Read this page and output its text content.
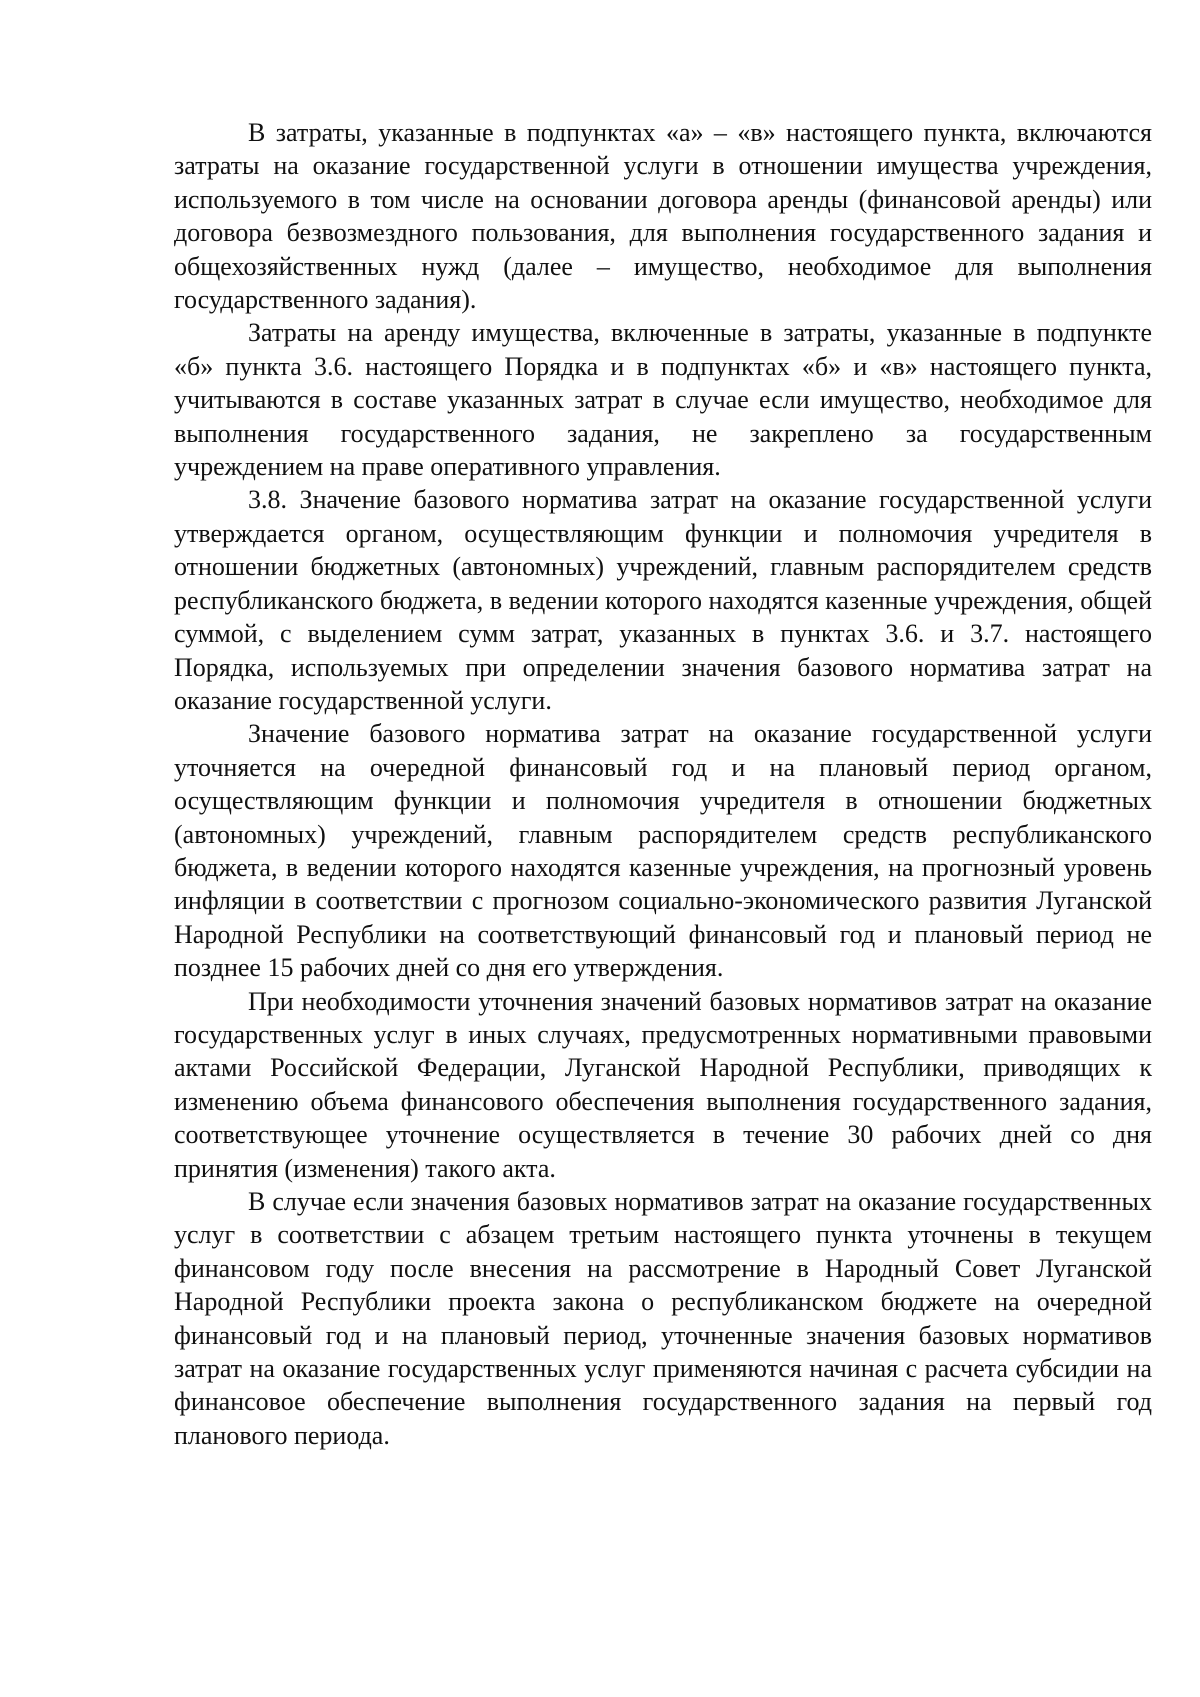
В затраты, указанные в подпунктах «а» – «в» настоящего пункта, включаются затраты на оказание государственной услуги в отношении имущества учреждения, используемого в том числе на основании договора аренды (финансовой аренды) или договора безвозмездного пользования, для выполнения государственного задания и общехозяйственных нужд (далее – имущество, необходимое для выполнения государственного задания).

Затраты на аренду имущества, включенные в затраты, указанные в подпункте «б» пункта 3.6. настоящего Порядка и в подпунктах «б» и «в» настоящего пункта, учитываются в составе указанных затрат в случае если имущество, необходимое для выполнения государственного задания, не закреплено за государственным учреждением на праве оперативного управления.

3.8. Значение базового норматива затрат на оказание государственной услуги утверждается органом, осуществляющим функции и полномочия учредителя в отношении бюджетных (автономных) учреждений, главным распорядителем средств республиканского бюджета, в ведении которого находятся казенные учреждения, общей суммой, с выделением сумм затрат, указанных в пунктах 3.6. и 3.7. настоящего Порядка, используемых при определении значения базового норматива затрат на оказание государственной услуги.

Значение базового норматива затрат на оказание государственной услуги уточняется на очередной финансовый год и на плановый период органом, осуществляющим функции и полномочия учредителя в отношении бюджетных (автономных) учреждений, главным распорядителем средств республиканского бюджета, в ведении которого находятся казенные учреждения, на прогнозный уровень инфляции в соответствии с прогнозом социально-экономического развития Луганской Народной Республики на соответствующий финансовый год и плановый период не позднее 15 рабочих дней со дня его утверждения.

При необходимости уточнения значений базовых нормативов затрат на оказание государственных услуг в иных случаях, предусмотренных нормативными правовыми актами Российской Федерации, Луганской Народной Республики, приводящих к изменению объема финансового обеспечения выполнения государственного задания, соответствующее уточнение осуществляется в течение 30 рабочих дней со дня принятия (изменения) такого акта.

В случае если значения базовых нормативов затрат на оказание государственных услуг в соответствии с абзацем третьим настоящего пункта уточнены в текущем финансовом году после внесения на рассмотрение в Народный Совет Луганской Народной Республики проекта закона о республиканском бюджете на очередной финансовый год и на плановый период, уточненные значения базовых нормативов затрат на оказание государственных услуг применяются начиная с расчета субсидии на финансовое обеспечение выполнения государственного задания на первый год планового периода.
